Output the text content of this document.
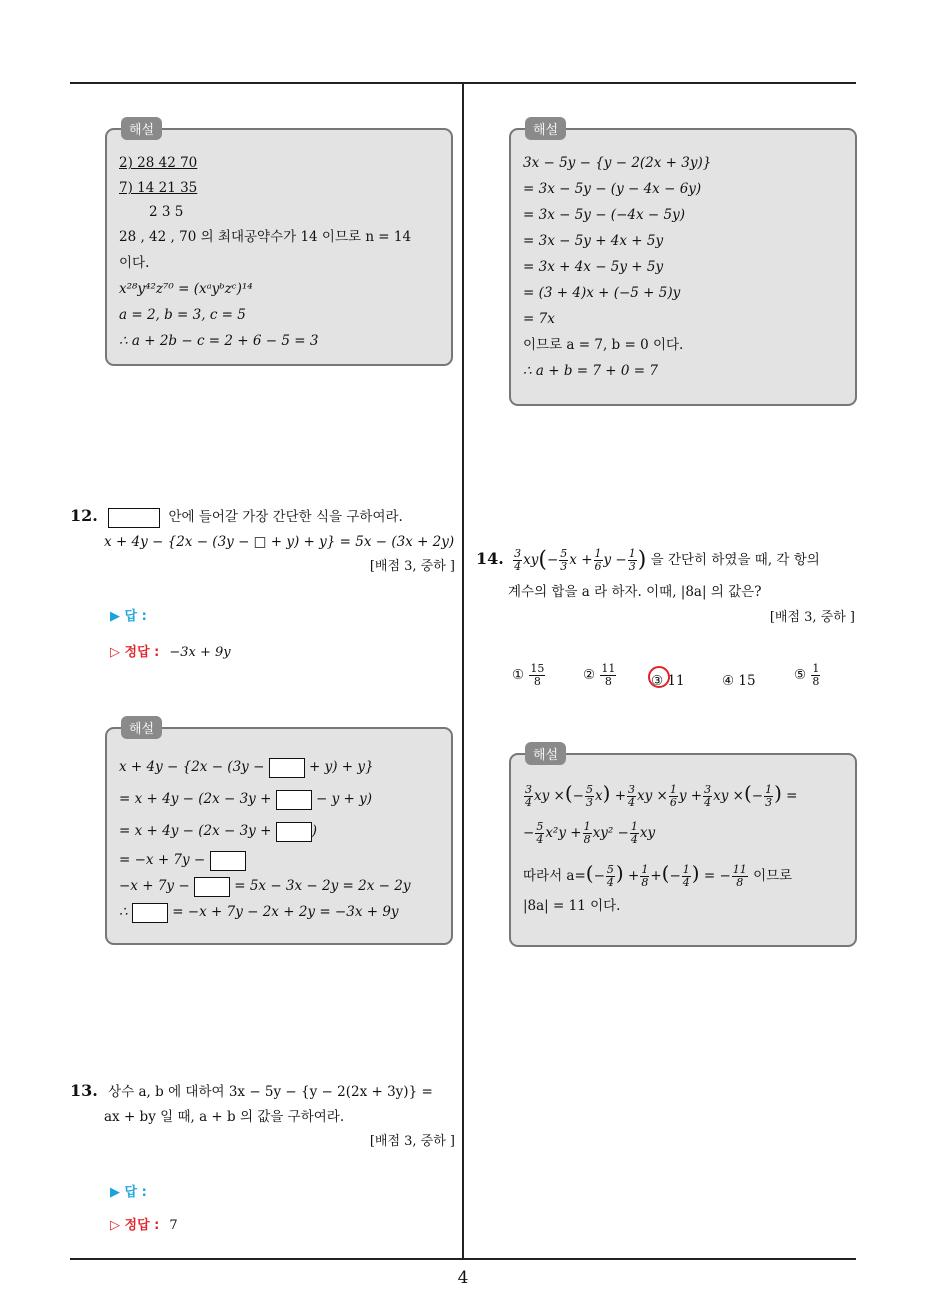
해설
2) 28 42 70
7) 14 21 35
2 3 5
28 , 42 , 70 의 최대공약수가 14 이므로 n = 14
이다.
x²⁸y⁴²z⁷⁰ = (xᵃyᵇzᶜ)¹⁴
a = 2, b = 3, c = 5
∴ a + 2b − c = 2 + 6 − 5 = 3
해설
3x − 5y − {y − 2(2x + 3y)}
= 3x − 5y − (y − 4x − 6y)
= 3x − 5y − (−4x − 5y)
= 3x − 5y + 4x + 5y
= 3x + 4x − 5y + 5y
= (3 + 4)x + (−5 + 5)y
= 7x
이므로 a = 7, b = 0 이다.
∴ a + b = 7 + 0 = 7
12.	안에 들어갈 가장 간단한 식을 구하여라.
x + 4y − {2x − (3y − □ + y) + y} = 5x − (3x + 2y)
[배점 3, 중하 ]
▶ 답 :
▷ 정답 : −3x + 9y
해설
x + 4y − {2x − (3y −	+ y) + y}
= x + 4y − (2x − 3y +	− y + y)
= x + 4y − (2x − 3y +	)
= −x + 7y −
−x + 7y −	= 5x − 3x − 2y = 2x − 2y
∴	= −x + 7y − 2x + 2y = −3x + 9y
13. 상수 a, b 에 대하여 3x − 5y − {y − 2(2x + 3y)} =
ax + by 일 때, a + b 의 값을 구하여라.
[배점 3, 중하 ]
▶ 답 :
▷ 정답 : 7
14. $\frac{3}{4} xy(- \frac{5}{3}$ $x + \frac{1}{6}$ $y - \frac{1}{3}$ ) 을 간단히 하였을 때, 각 항의
계수의 합을 a 라 하자. 이때, |8a| 의 값은?
[배점 3, 중하 ]
① $\frac{15}{8}$	② $\frac{11}{8}$	③ 11	④ 15	⑤ $\frac{1}{8}$
해설
$\frac{3}{4}$ xy ×(− $\frac{5}{3} x) + \frac{3}{4}$ xy × $\frac{1}{6}$ $y + \frac{3}{4}$ xy ×(− $\frac{1}{3}$ ) =
− $\frac{5}{4} x^2y + \frac{1}{8} xy^2 - \frac{1}{4}$ xy
따라서 $a=(- \frac{5}{4}$ ) + $\frac{1}{8}$ +(− $\frac{1}{4}$ ) = − $\frac{11}{8}$ 이므로
|8a| = 11 이다.
4
